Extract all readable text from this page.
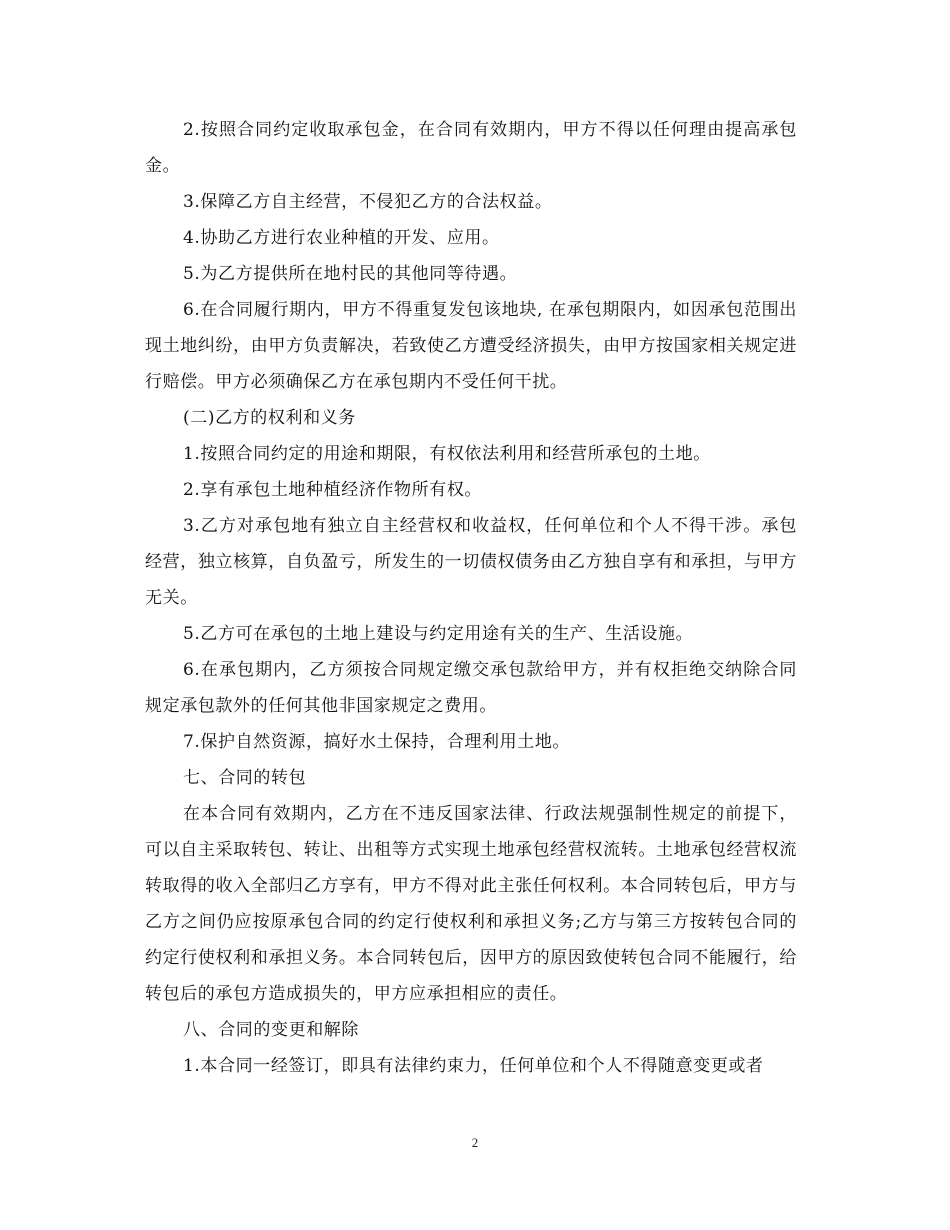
2.按照合同约定收取承包金，在合同有效期内，甲方不得以任何理由提高承包金。

3.保障乙方自主经营，不侵犯乙方的合法权益。

4.协助乙方进行农业种植的开发、应用。

5.为乙方提供所在地村民的其他同等待遇。

6.在合同履行期内，甲方不得重复发包该地块, 在承包期限内，如因承包范围出现土地纠纷，由甲方负责解决，若致使乙方遭受经济损失，由甲方按国家相关规定进行赔偿。甲方必须确保乙方在承包期内不受任何干扰。

(二)乙方的权利和义务

1.按照合同约定的用途和期限，有权依法利用和经营所承包的土地。

2.享有承包土地种植经济作物所有权。

3.乙方对承包地有独立自主经营权和收益权，任何单位和个人不得干涉。承包经营，独立核算，自负盈亏，所发生的一切债权债务由乙方独自享有和承担，与甲方无关。

5.乙方可在承包的土地上建设与约定用途有关的生产、生活设施。

6.在承包期内，乙方须按合同规定缴交承包款给甲方，并有权拒绝交纳除合同规定承包款外的任何其他非国家规定之费用。

7.保护自然资源，搞好水土保持，合理利用土地。

七、合同的转包

在本合同有效期内，乙方在不违反国家法律、行政法规强制性规定的前提下，可以自主采取转包、转让、出租等方式实现土地承包经营权流转。土地承包经营权流转取得的收入全部归乙方享有，甲方不得对此主张任何权利。本合同转包后，甲方与乙方之间仍应按原承包合同的约定行使权利和承担义务;乙方与第三方按转包合同的约定行使权利和承担义务。本合同转包后，因甲方的原因致使转包合同不能履行，给转包后的承包方造成损失的，甲方应承担相应的责任。

八、合同的变更和解除

1.本合同一经签订，即具有法律约束力，任何单位和个人不得随意变更或者

2
